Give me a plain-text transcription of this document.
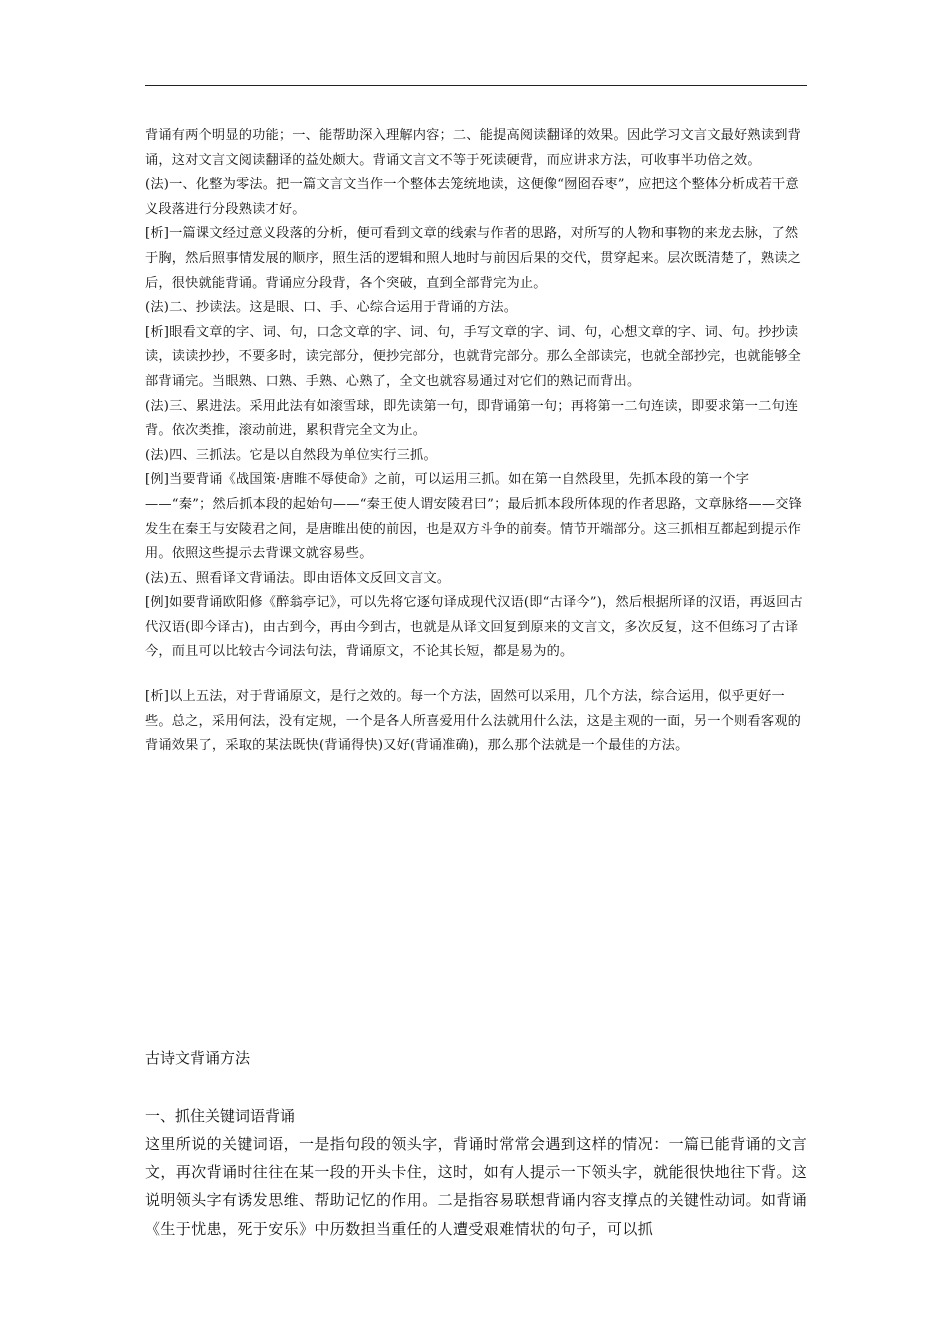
背诵有两个明显的功能；一、能帮助深入理解内容；二、能提高阅读翻译的效果。因此学习文言文最好熟读到背诵，这对文言文阅读翻译的益处颇大。背诵文言文不等于死读硬背，而应讲求方法，可收事半功倍之效。

(法)一、化整为零法。把一篇文言文当作一个整体去笼统地读，这便像“囫囵吞枣”，应把这个整体分析成若干意义段落进行分段熟读才好。

[析]一篇课文经过意义段落的分析，便可看到文章的线索与作者的思路，对所写的人物和事物的来龙去脉，了然于胸，然后照事情发展的顺序，照生活的逻辑和照人地时与前因后果的交代，贯穿起来。层次既清楚了，熟读之后，很快就能背诵。背诵应分段背，各个突破，直到全部背完为止。

(法)二、抄读法。这是眼、口、手、心综合运用于背诵的方法。

[析]眼看文章的字、词、句，口念文章的字、词、句，手写文章的字、词、句，心想文章的字、词、句。抄抄读读，读读抄抄，不要多时，读完部分，便抄完部分，也就背完部分。那么全部读完，也就全部抄完，也就能够全部背诵完。当眼熟、口熟、手熟、心熟了，全文也就容易通过对它们的熟记而背出。

(法)三、累进法。采用此法有如滚雪球，即先读第一句，即背诵第一句；再将第一二句连读，即要求第一二句连背。依次类推，滚动前进，累积背完全文为止。

(法)四、三抓法。它是以自然段为单位实行三抓。

[例]当要背诵《战国策·唐睢不辱使命》之前，可以运用三抓。如在第一自然段里，先抓本段的第一个字——“秦”；然后抓本段的起始句——“秦王使人谓安陵君曰”；最后抓本段所体现的作者思路，文章脉络——交锋发生在秦王与安陵君之间，是唐睢出使的前因，也是双方斗争的前奏。情节开端部分。这三抓相互都起到提示作用。依照这些提示去背课文就容易些。

(法)五、照看译文背诵法。即由语体文反回文言文。

[例]如要背诵欧阳修《醉翁亭记》，可以先将它逐句译成现代汉语(即“古译今”)，然后根据所译的汉语，再返回古代汉语(即今译古)，由古到今，再由今到古，也就是从译文回复到原来的文言文，多次反复，这不但练习了古译今，而且可以比较古今词法句法，背诵原文，不论其长短，都是易为的。

[析]以上五法，对于背诵原文，是行之效的。每一个方法，固然可以采用，几个方法，综合运用，似乎更好一些。总之，采用何法，没有定规，一个是各人所喜爱用什么法就用什么法，这是主观的一面，另一个则看客观的背诵效果了，采取的某法既快(背诵得快)又好(背诵准确)，那么那个法就是一个最佳的方法。

古诗文背诵方法

一、抓住关键词语背诵

这里所说的关键词语，一是指句段的领头字，背诵时常常会遇到这样的情况：一篇已能背诵的文言文，再次背诵时往往在某一段的开头卡住，这时，如有人提示一下领头字，就能很快地往下背。这说明领头字有诱发思维、帮助记忆的作用。二是指容易联想背诵内容支撑点的关键性动词。如背诵《生于忧患，死于安乐》中历数担当重任的人遭受艰难情状的句子，可以抓
